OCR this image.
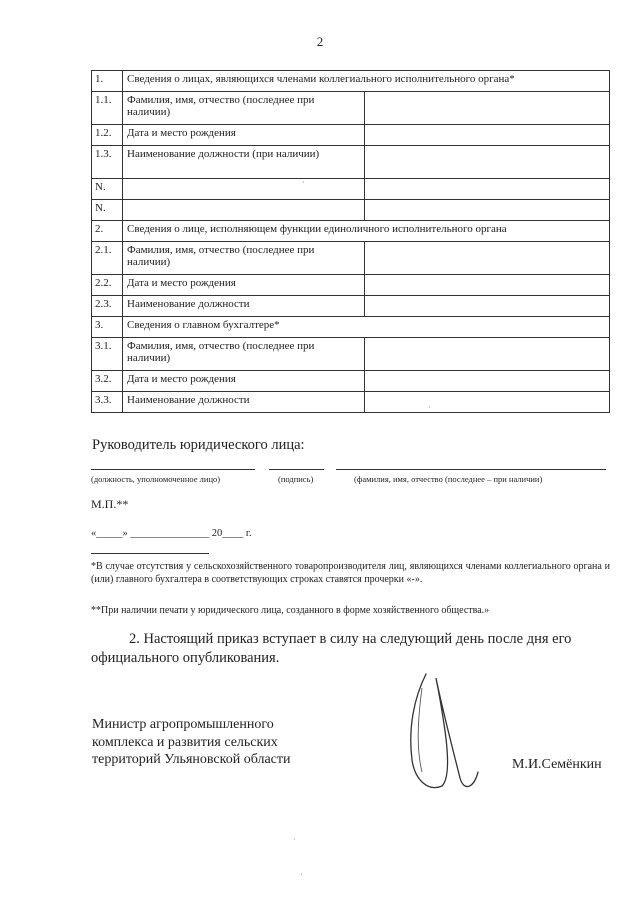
2
1.	Сведения о лицах, являющихся членами коллегиального исполнительного органа*	
1.1.	Фамилия, имя, отчество (последнее при наличии)	
1.2.	Дата и место рождения	
1.3.	Наименование должности (при наличии)	
N.		
N.		
2.	Сведения о лице, исполняющем функции единоличного исполнительного органа	
2.1.	Фамилия, имя, отчество (последнее при наличии)	
2.2.	Дата и место рождения	
2.3.	Наименование должности	
3.	Сведения о главном бухгалтере*	
3.1.	Фамилия, имя, отчество (последнее при наличии)	
3.2.	Дата и место рождения	
3.3.	Наименование должности	
Руководитель юридического лица:
(должность, уполномоченное лицо)	(подпись)	(фамилия, имя, отчество (последнее – при наличии)
М.П.**
«_____» _______________ 20____ г.
*В случае отсутствия у сельскохозяйственного товаропроизводителя лиц, являющихся членами коллегиального органа и (или) главного бухгалтера в соответствующих строках ставятся прочерки «-».
**При наличии печати у юридического лица, созданного в форме хозяйственного общества.»
2. Настоящий приказ вступает в силу на следующий день после дня его официального опубликования.
Министр агропромышленного комплекса и развития сельских территорий Ульяновской области	М.И.Семёнкин
·
·
·
·
